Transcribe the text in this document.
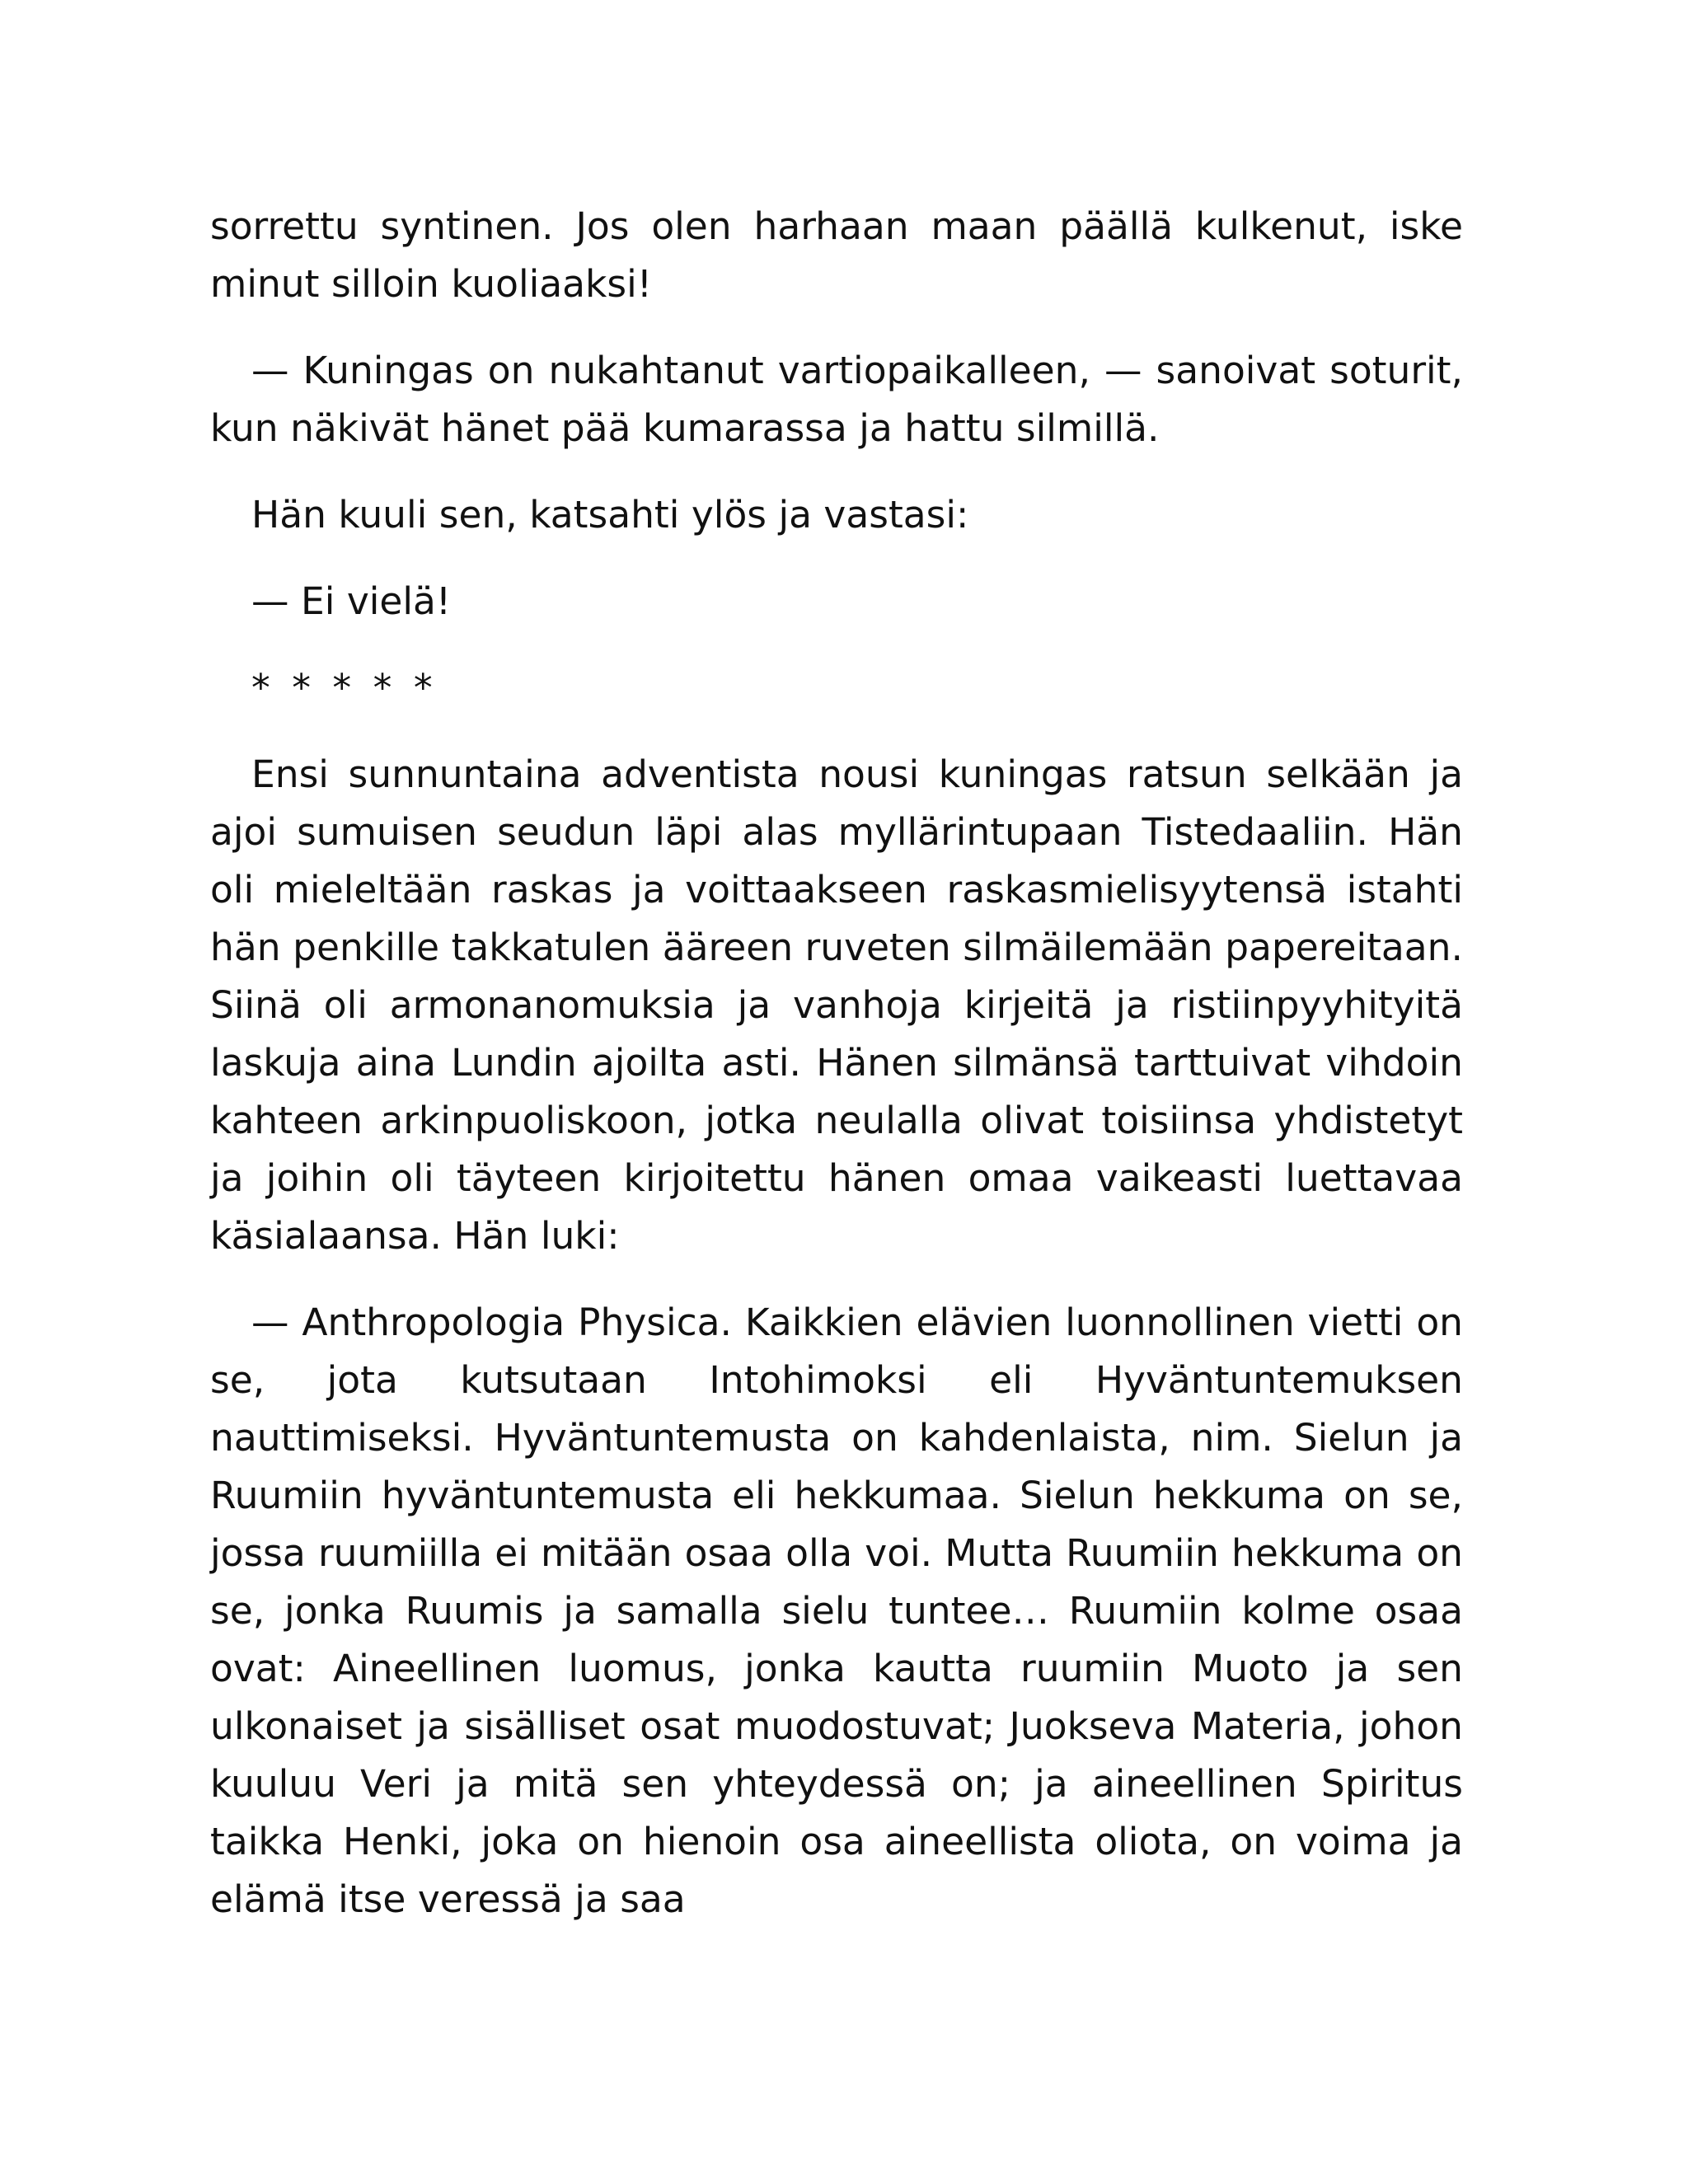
sorrettu syntinen. Jos olen harhaan maan päällä kulkenut, iske minut silloin kuoliaaksi!

— Kuningas on nukahtanut vartiopaikalleen, — sanoivat soturit, kun näkivät hänet pää kumarassa ja hattu silmillä.

Hän kuuli sen, katsahti ylös ja vastasi:

— Ei vielä!

* * * * *

Ensi sunnuntaina adventista nousi kuningas ratsun selkään ja ajoi sumuisen seudun läpi alas myllärintupaan Tistedaaliin. Hän oli mieleltään raskas ja voittaakseen raskasmielisyytensä istahti hän penkille takkatulen ääreen ruveten silmäilemään papereitaan. Siinä oli armonanomuksia ja vanhoja kirjeitä ja ristiinpyyhityitä laskuja aina Lundin ajoilta asti. Hänen silmänsä tarttuivat vihdoin kahteen arkinpuoliskoon, jotka neulalla olivat toisiinsa yhdistetyt ja joihin oli täyteen kirjoitettu hänen omaa vaikeasti luettavaa käsialaansa. Hän luki:

— Anthropologia Physica. Kaikkien elävien luonnollinen vietti on se, jota kutsutaan Intohimoksi eli Hyväntuntemuksen nauttimiseksi. Hyväntuntemusta on kahdenlaista, nim. Sielun ja Ruumiin hyväntuntemusta eli hekkumaa. Sielun hekkuma on se, jossa ruumiilla ei mitään osaa olla voi. Mutta Ruumiin hekkuma on se, jonka Ruumis ja samalla sielu tuntee… Ruumiin kolme osaa ovat: Aineellinen luomus, jonka kautta ruumiin Muoto ja sen ulkonaiset ja sisälliset osat muodostuvat; Juokseva Materia, johon kuuluu Veri ja mitä sen yhteydessä on; ja aineellinen Spiritus taikka Henki, joka on hienoin osa aineellista oliota, on voima ja elämä itse veressä ja saa
